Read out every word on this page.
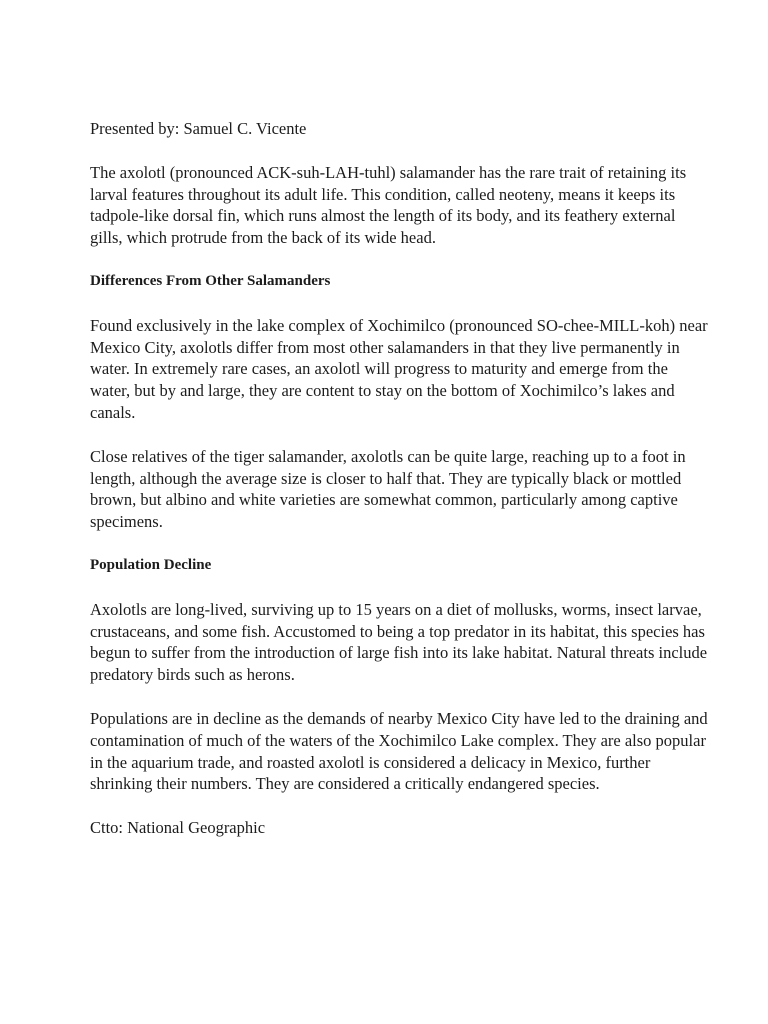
Presented by: Samuel C. Vicente

The axolotl (pronounced ACK-suh-LAH-tuhl) salamander has the rare trait of retaining its larval features throughout its adult life. This condition, called neoteny, means it keeps its tadpole-like dorsal fin, which runs almost the length of its body, and its feathery external gills, which protrude from the back of its wide head.

Differences From Other Salamanders

Found exclusively in the lake complex of Xochimilco (pronounced SO-chee-MILL-koh) near Mexico City, axolotls differ from most other salamanders in that they live permanently in water. In extremely rare cases, an axolotl will progress to maturity and emerge from the water, but by and large, they are content to stay on the bottom of Xochimilco’s lakes and canals.

Close relatives of the tiger salamander, axolotls can be quite large, reaching up to a foot in length, although the average size is closer to half that. They are typically black or mottled brown, but albino and white varieties are somewhat common, particularly among captive specimens.

Population Decline

Axolotls are long-lived, surviving up to 15 years on a diet of mollusks, worms, insect larvae, crustaceans, and some fish. Accustomed to being a top predator in its habitat, this species has begun to suffer from the introduction of large fish into its lake habitat. Natural threats include predatory birds such as herons.

Populations are in decline as the demands of nearby Mexico City have led to the draining and contamination of much of the waters of the Xochimilco Lake complex. They are also popular in the aquarium trade, and roasted axolotl is considered a delicacy in Mexico, further shrinking their numbers. They are considered a critically endangered species.

Ctto: National Geographic
